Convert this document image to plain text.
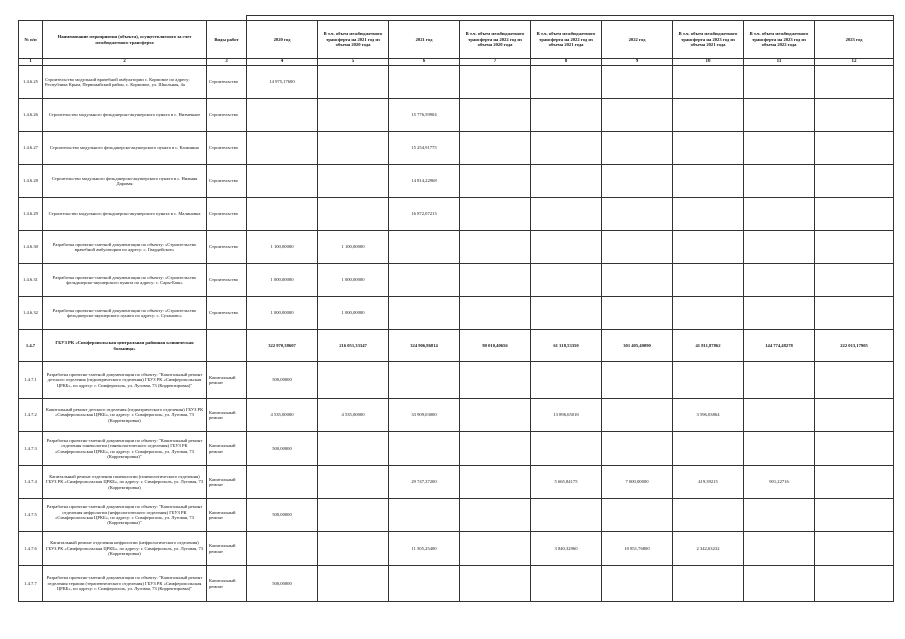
№ п/п	Наименование мероприятия (объекта), осуществляемого за счет межбюджетного трансферта	Виды работ	2020 год	В т.ч. объем межбюджетного трансферта на 2021 год из объема 2020 года	2021 год	В т.ч. объем межбюджетного трансферта на 2022 год из объема 2020 года	В т.ч. объем межбюджетного трансферта на 2022 год из объема 2021 года	2022 год	В т.ч. объем межбюджетного трансферта на 2023 год из объема 2021 года	В т.ч. объем межбюджетного трансферта на 2023 год из объема 2022 года	2023 год
1	2	3	4	5	6	7	8	9	10	11	12
1.4.6.25	Строительство модульной врачебной амбулатории с. Кормовое по адресу: Республика Крым, Первомайский район, с. Кормовое, ул. Школьная, 4а	Строительство	14 975,17600								
1.4.6.26	Строительство модульного фельдшерско-акушерского пункта в с. Низменное	Строительство			15 776,59904						
1.4.6.27	Строительство модульного фельдшерско-акушерского пункта в с. Калинино	Строительство			15 254,91775						
1.4.6.28	Строительство модульного фельдшерско-акушерского пункта в с. Нижняя Даровая	Строительство			14 814,22968						
1.4.6.29	Строительство модульного фельдшерско-акушерского пункта в с. Малиновка	Строительство			16 872,07213						
1.4.6.30	Разработка проектно-сметной документации по объекту: «Строительство врачебной амбулатории по адресу: с. Гвардейское»	Строительство	1 100,00000	1 100,00000							
1.4.6.31	Разработка проектно-сметной документации по объекту: «Строительство фельдшерско-акушерского пункта по адресу: с. Сары-Баш»	Строительство	1 000,00000	1 000,00000							
1.4.6.32	Разработка проектно-сметной документации по объекту: «Строительство фельдшерско-акушерского пункта по адресу: с. Суханово»	Строительство	1 000,00000	1 000,00000							
1.4.7	ГБУЗ РК «Симферопольская центральная районная клиническая больница»		322 970,38607	216 051,33347	324 906,86814	80 010,40656	61 318,53350	301 405,40090	41 811,87862	144 774,48278	222 013,17905
1.4.7.1	Разработка проектно-сметной документации по объекту: "Капитальный ремонт детского отделения (педиатрического отделения) ГБУЗ РК «Симферопольская ЦРКБ», по адресу: г. Симферополь, ул. Луговая, 73 (Корректировка)"	Капитальный ремонт	500,00000								
1.4.7.2	Капитальный ремонт детского отделения (педиатрического отделения) ГБУЗ РК «Симферопольская ЦРКБ», по адресу: г. Симферополь, ул. Луговая, 73 (Корректировка)	Капитальный ремонт	4 535,00000	4 535,00000	33 909,03000		13 896,65018		3 596,03864		
1.4.7.3	Разработка проектно-сметной документации по объекту: "Капитальный ремонт отделения гинекологии (гинекологического отделения) ГБУЗ РК «Симферопольская ЦРКБ», по адресу: г. Симферополь, ул. Луговая, 73 (Корректировка)"	Капитальный ремонт	500,00000								
1.4.7.4	Капитальный ремонт отделения гинекологии (гинекологического отделения) ГБУЗ РК «Симферопольская ЦРКБ», по адресу: г. Симферополь, ул. Луговая, 73 (Корректировка)	Капитальный ремонт			29 747,37200		5 665,84175	7 000,00000	419,39215	901,22716	
1.4.7.5	Разработка проектно-сметной документации по объекту: "Капитальный ремонт отделения нефрологии (нефрологического отделения) ГБУЗ РК «Симферопольская ЦРКБ», по адресу: г. Симферополь, ул. Луговая, 73 (Корректировка)"	Капитальный ремонт	500,00000								
1.4.7.6	Капитальный ремонт отделения нефрологии (нефрологического отделения) ГБУЗ РК «Симферопольская ЦРКБ», по адресу: г. Симферополь, ул. Луговая, 73 (Корректировка)	Капитальный ремонт			11 505,25400		3 840,32960	10 851,76800	2 342,63232		
1.4.7.7	Разработка проектно-сметной документации по объекту: "Капитальный ремонт отделения терапии (терапевтического отделения) ГБУЗ РК «Симферопольская ЦРКБ», по адресу: г. Симферополь, ул. Луговая, 73 (Корректировка)"	Капитальный ремонт	500,00000								
